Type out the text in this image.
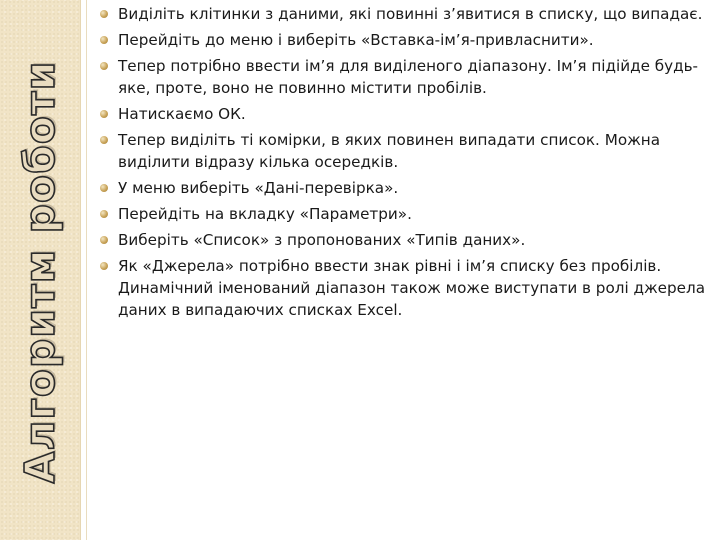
Алгоритм роботи
Виділіть клітинки з даними, які повинні з’явитися в списку, що випадає.
Перейдіть до меню і виберіть «Вставка-ім’я-привласнити».
Тепер потрібно ввести ім’я для виділеного діапазону. Ім’я підійде будь-яке, проте, воно не повинно містити пробілів.
Натискаємо ОК.
Тепер виділіть ті комірки, в яких повинен випадати список. Можна виділити відразу кілька осередків.
У меню виберіть «Дані-перевірка».
Перейдіть на вкладку «Параметри».
Виберіть «Список» з пропонованих «Типів даних».
Як «Джерела» потрібно ввести знак рівні і ім’я списку без пробілів. Динамічний іменований діапазон також може виступати в ролі джерела даних в випадаючих списках Excel.
